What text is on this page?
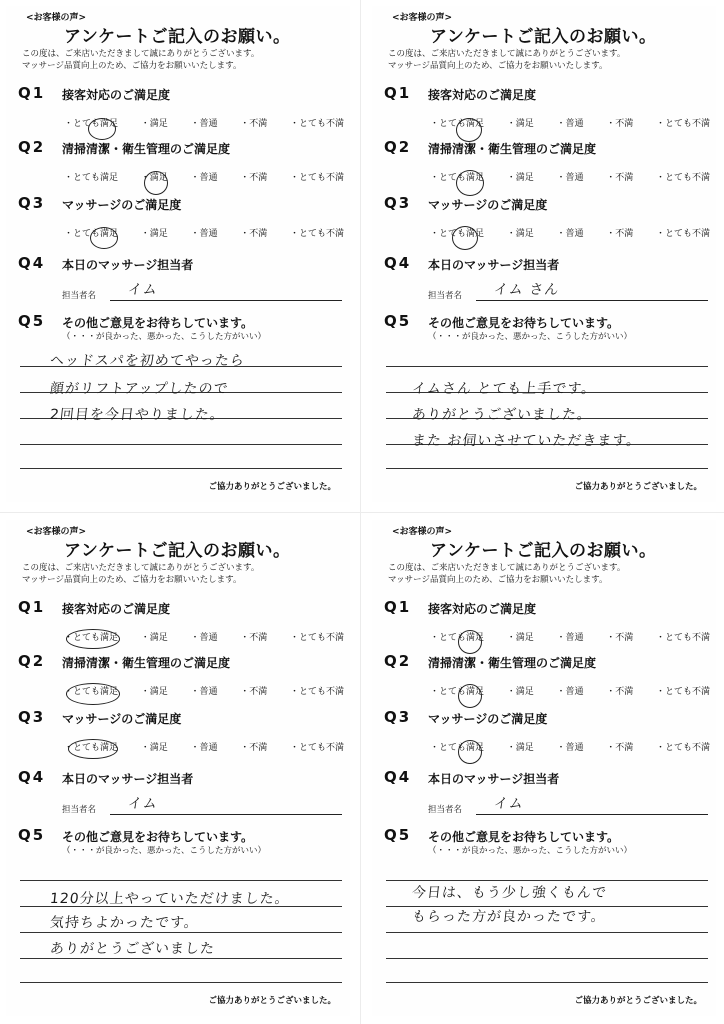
<お客様の声>
アンケートご記入のお願い。
この度は、ご来店いただきまして誠にありがとうございます。
マッサージ品質向上のため、ご協力をお願いいたします。
Q1 接客対応のご満足度
・とても満足	・満足	・普通	・不満	・とても不満
Q2 清掃清潔・衛生管理のご満足度
・とても満足	・満足	・普通	・不満	・とても不満
Q3 マッサージのご満足度
・とても満足	・満足	・普通	・不満	・とても不満
Q4 本日のマッサージ担当者
担当者名 イム
Q5 その他ご意見をお待ちしています。
（・・・が良かった、悪かった、こうした方がいい）
ヘッドスパを初めてやったら
顔がリフトアップしたので
2回目を今日やりました。
ご協力ありがとうございました。
<お客様の声>
アンケートご記入のお願い。
この度は、ご来店いただきまして誠にありがとうございます。
マッサージ品質向上のため、ご協力をお願いいたします。
Q1 接客対応のご満足度
・とても満足	・満足	・普通	・不満	・とても不満
Q2 清掃清潔・衛生管理のご満足度
・とても満足	・満足	・普通	・不満	・とても不満
Q3 マッサージのご満足度
・とても満足	・満足	・普通	・不満	・とても不満
Q4 本日のマッサージ担当者
担当者名 イム さん
Q5 その他ご意見をお待ちしています。
（・・・が良かった、悪かった、こうした方がいい）
イムさん とても上手です。
ありがとうございました。
また お伺いさせていただきます。
ご協力ありがとうございました。
<お客様の声>
アンケートご記入のお願い。
この度は、ご来店いただきまして誠にありがとうございます。
マッサージ品質向上のため、ご協力をお願いいたします。
Q1 接客対応のご満足度
・とても満足	・満足	・普通	・不満	・とても不満
Q2 清掃清潔・衛生管理のご満足度
・とても満足	・満足	・普通	・不満	・とても不満
Q3 マッサージのご満足度
・とても満足	・満足	・普通	・不満	・とても不満
Q4 本日のマッサージ担当者
担当者名 イム
Q5 その他ご意見をお待ちしています。
（・・・が良かった、悪かった、こうした方がいい）
120分以上やっていただけました。
気持ちよかったです。
ありがとうございました
ご協力ありがとうございました。
<お客様の声>
アンケートご記入のお願い。
この度は、ご来店いただきまして誠にありがとうございます。
マッサージ品質向上のため、ご協力をお願いいたします。
Q1 接客対応のご満足度
・とても満足	・満足	・普通	・不満	・とても不満
Q2 清掃清潔・衛生管理のご満足度
・とても満足	・満足	・普通	・不満	・とても不満
Q3 マッサージのご満足度
・とても満足	・満足	・普通	・不満	・とても不満
Q4 本日のマッサージ担当者
担当者名 イム
Q5 その他ご意見をお待ちしています。
（・・・が良かった、悪かった、こうした方がいい）
今日は、もう少し強くもんで
もらった方が良かったです。
ご協力ありがとうございました。
